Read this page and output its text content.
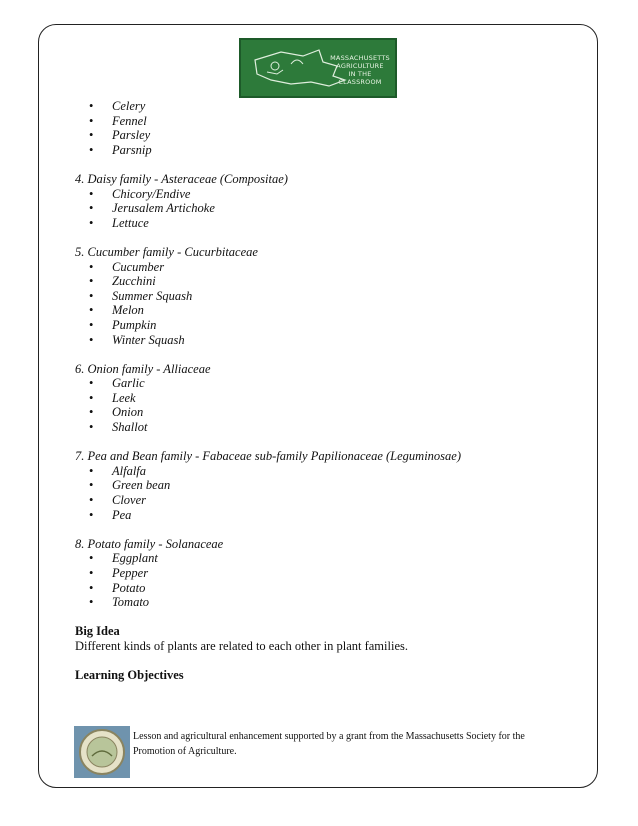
MASSACHUSETTS
AGRICULTURE
IN THE CLASSROOM
• Celery
• Fennel
• Parsley
• Parsnip
4. Daisy family - Asteraceae (Compositae)
• Chicory/Endive
• Jerusalem Artichoke
• Lettuce
5. Cucumber family - Cucurbitaceae
• Cucumber
• Zucchini
• Summer Squash
• Melon
• Pumpkin
• Winter Squash
6. Onion family - Alliaceae
• Garlic
• Leek
• Onion
• Shallot
7. Pea and Bean family - Fabaceae sub-family Papilionaceae (Leguminosae)
• Alfalfa
• Green bean
• Clover
• Pea
8. Potato family - Solanaceae
• Eggplant
• Pepper
• Potato
• Tomato
Big Idea
Different kinds of plants are related to each other in plant families.
Learning Objectives
Lesson and agricultural enhancement supported by a grant from the Massachusetts Society for the Promotion of Agriculture.
